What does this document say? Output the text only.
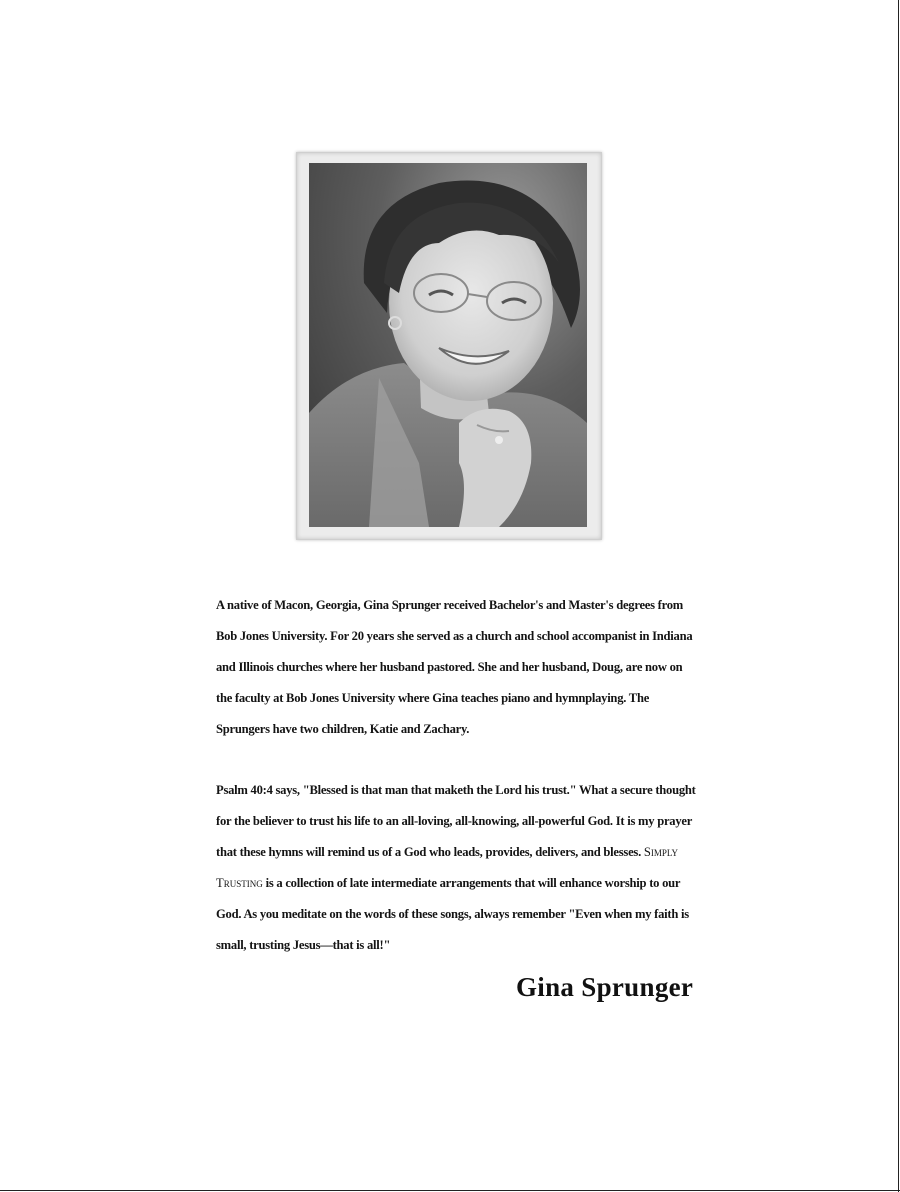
A native of Macon, Georgia, Gina Sprunger received Bachelor's and Master's degrees from Bob Jones University. For 20 years she served as a church and school accompanist in Indiana and Illinois churches where her husband pastored. She and her husband, Doug, are now on the faculty at Bob Jones University where Gina teaches piano and hymnplaying. The Sprungers have two children, Katie and Zachary.

Psalm 40:4 says, "Blessed is that man that maketh the Lord his trust." What a secure thought for the believer to trust his life to an all-loving, all-knowing, all-powerful God. It is my prayer that these hymns will remind us of a God who leads, provides, delivers, and blesses. Simply Trusting is a collection of late intermediate arrangements that will enhance worship to our God. As you meditate on the words of these songs, always remember "Even when my faith is small, trusting Jesus—that is all!"

Gina Sprunger
